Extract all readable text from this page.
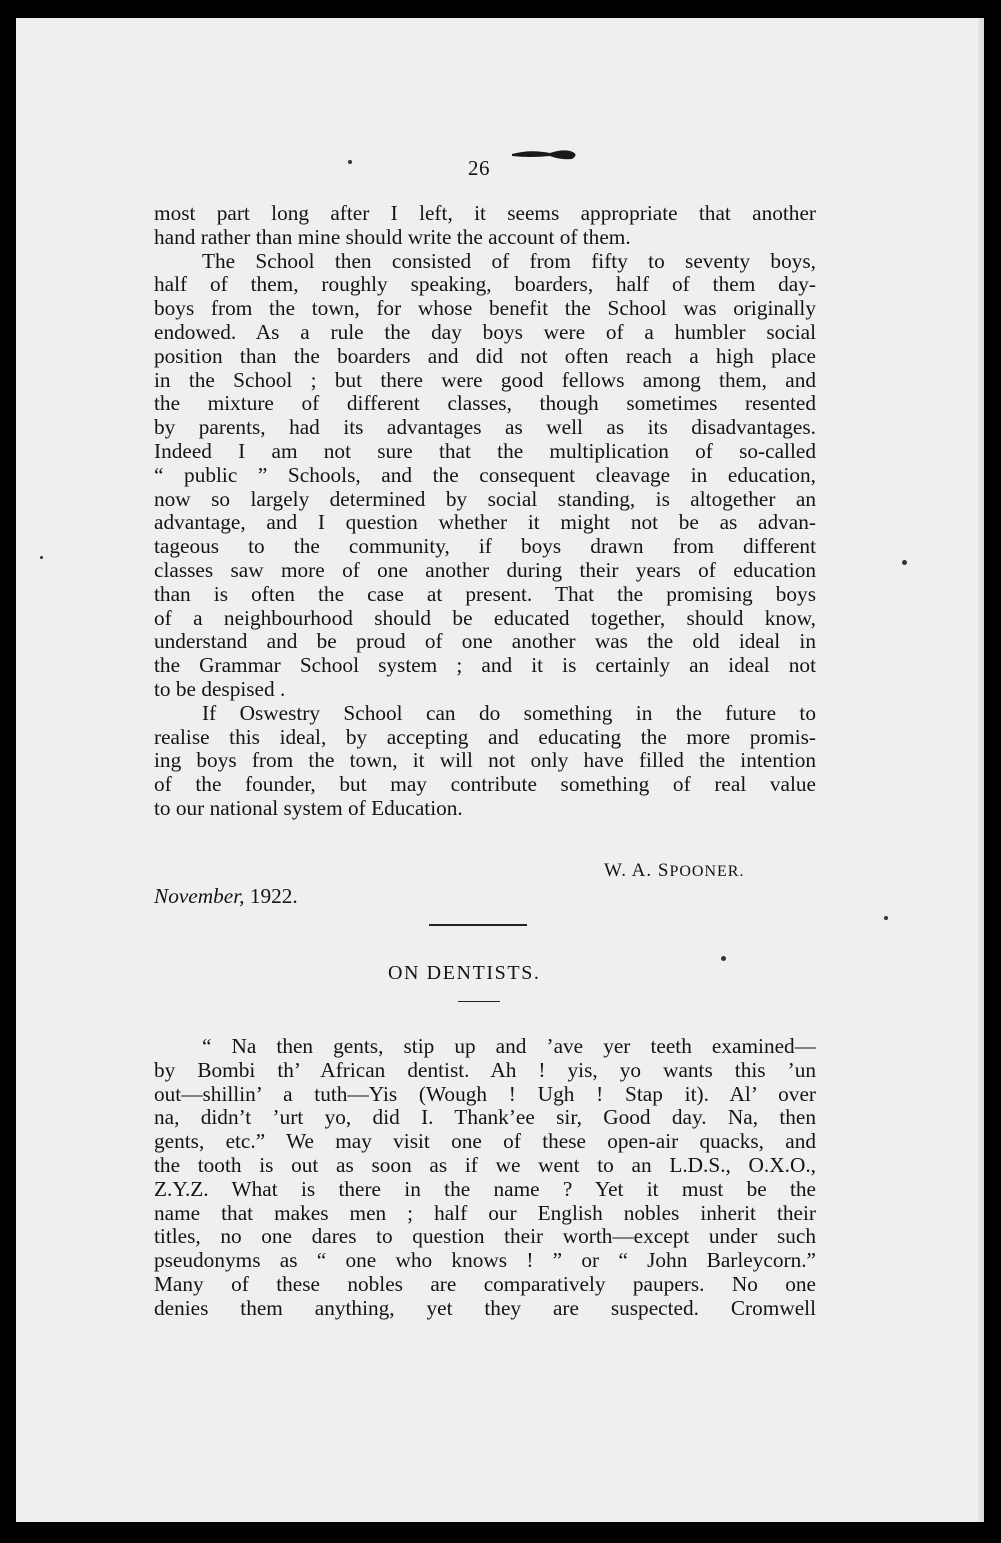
26
most part long after I left, it seems appropriate that another
hand rather than mine should write the account of them.
The School then consisted of from fifty to seventy boys,
half of them, roughly speaking, boarders, half of them day-
boys from the town, for whose benefit the School was originally
endowed. As a rule the day boys were of a humbler social
position than the boarders and did not often reach a high place
in the School ; but there were good fellows among them, and
the mixture of different classes, though sometimes resented
by parents, had its advantages as well as its disadvantages.
Indeed I am not sure that the multiplication of so-called
“ public ” Schools, and the consequent cleavage in education,
now so largely determined by social standing, is altogether an
advantage, and I question whether it might not be as advan-
tageous to the community, if boys drawn from different
classes saw more of one another during their years of education
than is often the case at present. That the promising boys
of a neighbourhood should be educated together, should know,
understand and be proud of one another was the old ideal in
the Grammar School system ; and it is certainly an ideal not
to be despised .
If Oswestry School can do something in the future to
realise this ideal, by accepting and educating the more promis-
ing boys from the town, it will not only have filled the intention
of the founder, but may contribute something of real value
to our national system of Education.
W. A. SPOONER.
November, 1922.
ON DENTISTS.
“ Na then gents, stip up and ’ave yer teeth examined—
by Bombi th’ African dentist. Ah ! yis, yo wants this ’un
out—shillin’ a tuth—Yis (Wough ! Ugh ! Stap it). Al’ over
na, didn’t ’urt yo, did I. Thank’ee sir, Good day. Na, then
gents, etc.” We may visit one of these open-air quacks, and
the tooth is out as soon as if we went to an L.D.S., O.X.O.,
Z.Y.Z. What is there in the name ? Yet it must be the
name that makes men ; half our English nobles inherit their
titles, no one dares to question their worth—except under such
pseudonyms as “ one who knows ! ” or “ John Barleycorn.”
Many of these nobles are comparatively paupers. No one
denies them anything, yet they are suspected. Cromwell
